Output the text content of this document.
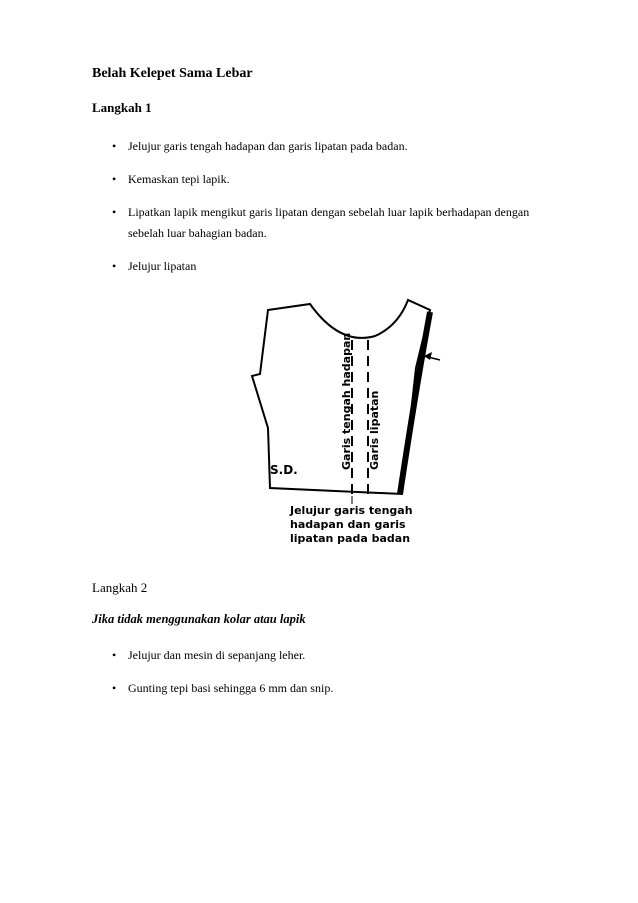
Belah Kelepet Sama Lebar
Langkah 1
• Jelujur garis tengah hadapan dan garis lipatan pada badan.
• Kemaskan tepi lapik.
• Lipatkan lapik mengikut garis lipatan dengan sebelah luar lapik berhadapan dengan sebelah luar bahagian badan.
• Jelujur lipatan
Garis tengah hadapan Garis lipatan
S.D.
Jelujur garis tengah
hadapan dan garis
lipatan pada badan
Langkah 2
Jika tidak menggunakan kolar atau lapik
• Jelujur dan mesin di sepanjang leher.
• Gunting tepi basi sehingga 6 mm dan snip.
